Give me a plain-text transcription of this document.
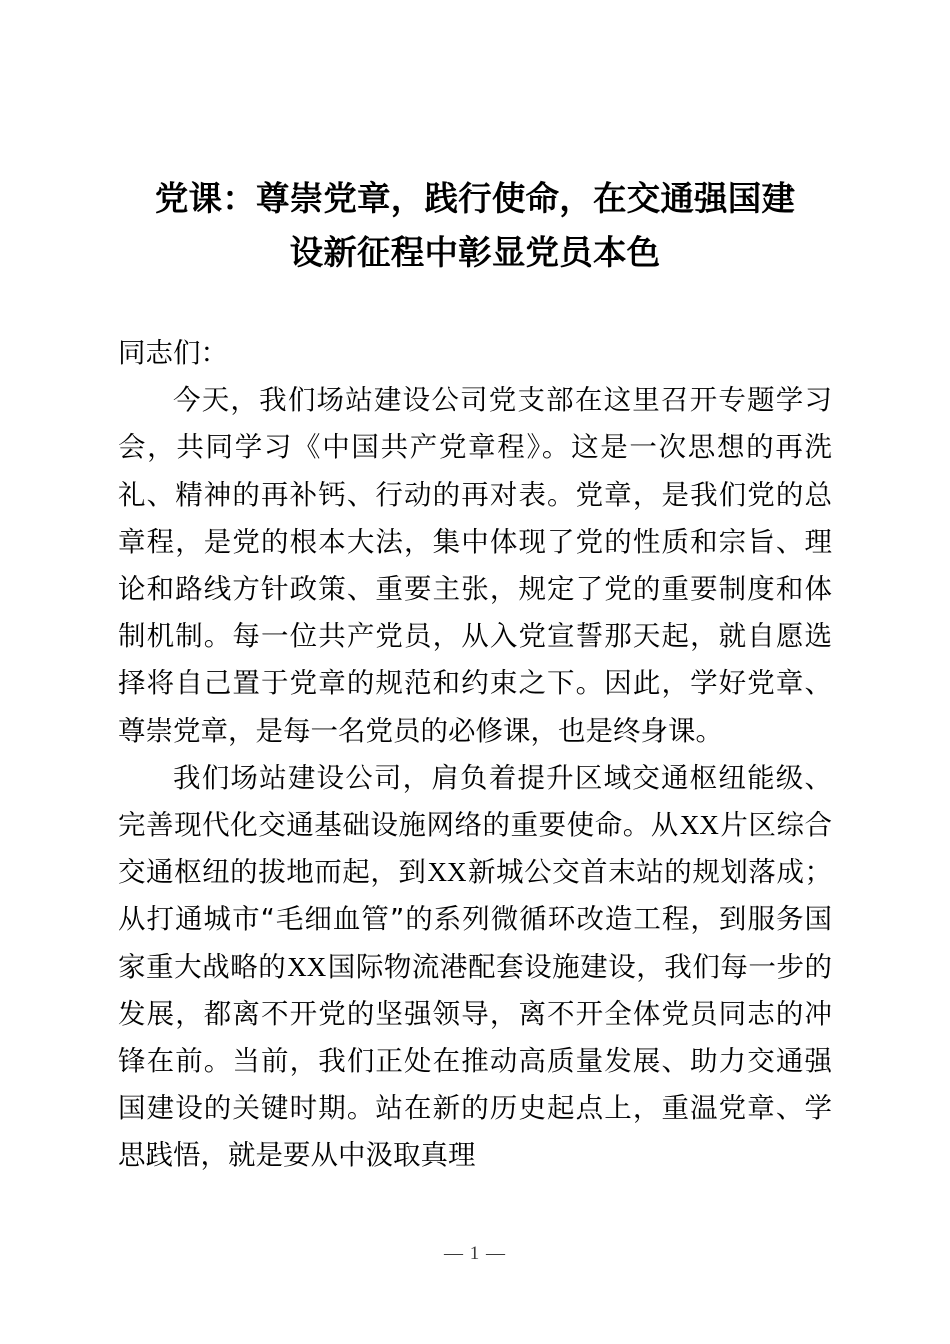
党课：尊崇党章，践行使命，在交通强国建
设新征程中彰显党员本色

同志们：

今天，我们场站建设公司党支部在这里召开专题学习会，共同学习《中国共产党章程》。这是一次思想的再洗礼、精神的再补钙、行动的再对表。党章，是我们党的总章程，是党的根本大法，集中体现了党的性质和宗旨、理论和路线方针政策、重要主张，规定了党的重要制度和体制机制。每一位共产党员，从入党宣誓那天起，就自愿选择将自己置于党章的规范和约束之下。因此，学好党章、尊崇党章，是每一名党员的必修课，也是终身课。

我们场站建设公司，肩负着提升区域交通枢纽能级、完善现代化交通基础设施网络的重要使命。从XX片区综合交通枢纽的拔地而起，到XX新城公交首末站的规划落成；从打通城市“毛细血管”的系列微循环改造工程，到服务国家重大战略的XX国际物流港配套设施建设，我们每一步的发展，都离不开党的坚强领导，离不开全体党员同志的冲锋在前。当前，我们正处在推动高质量发展、助力交通强国建设的关键时期。站在新的历史起点上，重温党章、学思践悟，就是要从中汲取真理

— 1 —
